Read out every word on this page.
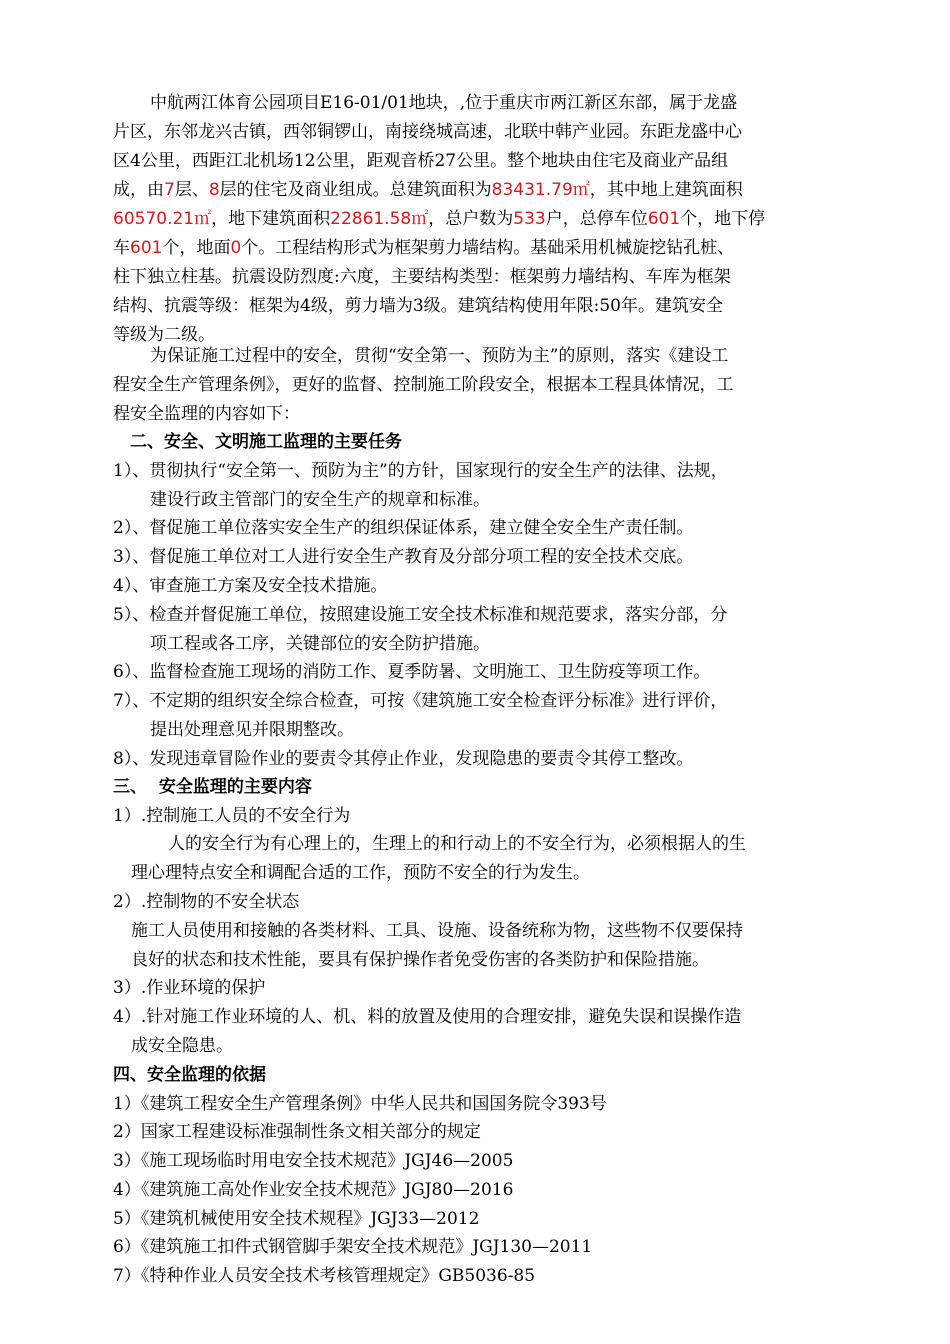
中航两江体育公园项目E16-01/01地块，,位于重庆市两江新区东部，属于龙盛
片区，东邻龙兴古镇，西邻铜锣山，南接绕城高速，北联中韩产业园。东距龙盛中心
区4公里，西距江北机场12公里，距观音桥27公里。整个地块由住宅及商业产品组
成，由7层、8层的住宅及商业组成。总建筑面积为83431.79㎡，其中地上建筑面积
60570.21㎡，地下建筑面积22861.58㎡，总户数为533户，总停车位601个，地下停
车601个，地面0个。工程结构形式为框架剪力墙结构。基础采用机械旋挖钻孔桩、
柱下独立柱基。抗震设防烈度:六度，主要结构类型：框架剪力墙结构、车库为框架
结构、抗震等级：框架为4级，剪力墙为3级。建筑结构使用年限:50年。建筑安全
等级为二级。
为保证施工过程中的安全，贯彻“安全第一、预防为主”的原则，落实《建设工
程安全生产管理条例》，更好的监督、控制施工阶段安全，根据本工程具体情况，工
程安全监理的内容如下：
二、安全、文明施工监理的主要任务
1）、贯彻执行“安全第一、预防为主”的方针，国家现行的安全生产的法律、法规，
建设行政主管部门的安全生产的规章和标准。
2）、督促施工单位落实安全生产的组织保证体系，建立健全安全生产责任制。
3）、督促施工单位对工人进行安全生产教育及分部分项工程的安全技术交底。
4）、审查施工方案及安全技术措施。
5）、检查并督促施工单位，按照建设施工安全技术标准和规范要求，落实分部，分
项工程或各工序，关键部位的安全防护措施。
6）、监督检查施工现场的消防工作、夏季防暑、文明施工、卫生防疫等项工作。
7）、不定期的组织安全综合检查，可按《建筑施工安全检查评分标准》进行评价，
提出处理意见并限期整改。
8）、发现违章冒险作业的要责令其停止作业，发现隐患的要责令其停工整改。
三、  安全监理的主要内容
1）.控制施工人员的不安全行为
人的安全行为有心理上的，生理上的和行动上的不安全行为，必须根据人的生
理心理特点安全和调配合适的工作，预防不安全的行为发生。
2）.控制物的不安全状态
施工人员使用和接触的各类材料、工具、设施、设备统称为物，这些物不仅要保持
良好的状态和技术性能，要具有保护操作者免受伤害的各类防护和保险措施。
3）.作业环境的保护
4）.针对施工作业环境的人、机、料的放置及使用的合理安排，避免失误和误操作造
成安全隐患。
四、安全监理的依据
1）《建筑工程安全生产管理条例》中华人民共和国国务院令393号
2）国家工程建设标准强制性条文相关部分的规定
3）《施工现场临时用电安全技术规范》JGJ46—2005
4）《建筑施工高处作业安全技术规范》JGJ80—2016
5）《建筑机械使用安全技术规程》JGJ33—2012
6）《建筑施工扣件式钢管脚手架安全技术规范》JGJ130—2011
7）《特种作业人员安全技术考核管理规定》GB5036-85
